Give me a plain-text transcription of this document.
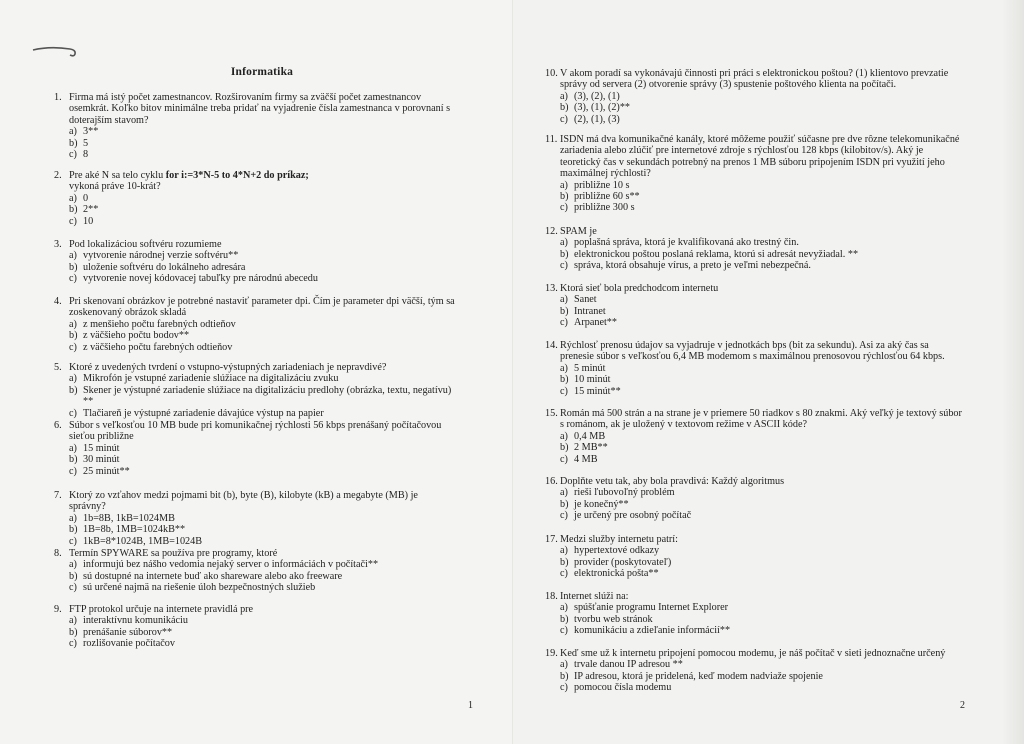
Informatika
1. Firma má istý počet zamestnancov. Rozširovaním firmy sa zväčší počet zamestnancov osemkrát. Koľko bitov minimálne treba pridať na vyjadrenie čísla zamestnanca v porovnaní s doterajším stavom?
a) 3**
b) 5
c) 8
2. Pre aké N sa telo cyklu for i:=3*N-5 to 4*N+2 do príkaz;
vykoná práve 10-krát?
a) 0
b) 2**
c) 10
3. Pod lokalizáciou softvéru rozumieme
a) vytvorenie národnej verzie softvéru**
b) uloženie softvéru do lokálneho adresára
c) vytvorenie novej kódovacej tabuľky pre národnú abecedu
4. Pri skenovaní obrázkov je potrebné nastaviť parameter dpi. Čím je parameter dpi väčší, tým sa zoskenovaný obrázok skladá
a) z menšieho počtu farebných odtieňov
b) z väčšieho počtu bodov**
c) z väčšieho počtu farebných odtieňov
5. Ktoré z uvedených tvrdení o vstupno-výstupných zariadeniach je nepravdivé?
a) Mikrofón je vstupné zariadenie slúžiace na digitalizáciu zvuku
b) Skener je výstupné zariadenie slúžiace na digitalizáciu predlohy (obrázka, textu, negatívu) **
c) Tlačiareň je výstupné zariadenie dávajúce výstup na papier
6. Súbor s veľkosťou 10 MB bude pri komunikačnej rýchlosti 56 kbps prenášaný počítačovou sieťou približne
a) 15 minút
b) 30 minút
c) 25 minút**
7. Ktorý zo vzťahov medzi pojmami bit (b), byte (B), kilobyte (kB) a megabyte (MB) je správny?
a) 1b=8B, 1kB=1024MB
b) 1B=8b, 1MB=1024kB**
c) 1kB=8*1024B, 1MB=1024B
8. Termín SPYWARE sa používa pre programy, ktoré
a) informujú bez nášho vedomia nejaký server o informáciách v počítači**
b) sú dostupné na internete buď ako shareware alebo ako freeware
c) sú určené najmä na riešenie úloh bezpečnostných služieb
9. FTP protokol určuje na internete pravidlá pre
a) interaktívnu komunikáciu
b) prenášanie súborov**
c) rozlišovanie počítačov
10. V akom poradí sa vykonávajú činnosti pri práci s elektronickou poštou? (1) klientovo prevzatie správy od servera (2) otvorenie správy (3) spustenie poštového klienta na počítači.
a) (3), (2), (1)
b) (3), (1), (2)**
c) (2), (1), (3)
11. ISDN má dva komunikačné kanály, ktoré môžeme použiť súčasne pre dve rôzne telekomunikačné zariadenia alebo zlúčiť pre internetové zdroje s rýchlosťou 128 kbps (kilobitov/s). Aký je teoretický čas v sekundách potrebný na prenos 1 MB súboru pripojením ISDN pri využití jeho maximálnej rýchlosti?
a) približne 10 s
b) približne 60 s**
c) približne 300 s
12. SPAM je
a) poplašná správa, ktorá je kvalifikovaná ako trestný čin.
b) elektronickou poštou poslaná reklama, ktorú si adresát nevyžiadal. **
c) správa, ktorá obsahuje vírus, a preto je veľmi nebezpečná.
13. Ktorá sieť bola predchodcom internetu
a) Sanet
b) Intranet
c) Arpanet**
14. Rýchlosť prenosu údajov sa vyjadruje v jednotkách bps (bit za sekundu). Asi za aký čas sa prenesie súbor s veľkosťou 6,4 MB modemom s maximálnou prenosovou rýchlosťou 64 kbps.
a) 5 minút
b) 10 minút
c) 15 minút**
15. Román má 500 strán a na strane je v priemere 50 riadkov s 80 znakmi. Aký veľký je textový súbor s románom, ak je uložený v textovom režime v ASCII kóde?
a) 0,4 MB
b) 2 MB**
c) 4 MB
16. Doplňte vetu tak, aby bola pravdivá: Každý algoritmus
a) rieši ľubovoľný problém
b) je konečný**
c) je určený pre osobný počítač
17. Medzi služby internetu patrí:
a) hypertextové odkazy
b) provider (poskytovateľ)
c) elektronická pošta**
18. Internet slúži na:
a) spúšťanie programu Internet Explorer
b) tvorbu web stránok
c) komunikáciu a zdieľanie informácií**
19. Keď sme už k internetu pripojení pomocou modemu, je náš počítač v sieti jednoznačne určený
a) trvale danou IP adresou **
b) IP adresou, ktorá je pridelená, keď modem nadviaže spojenie
c) pomocou čísla modemu
1	2
